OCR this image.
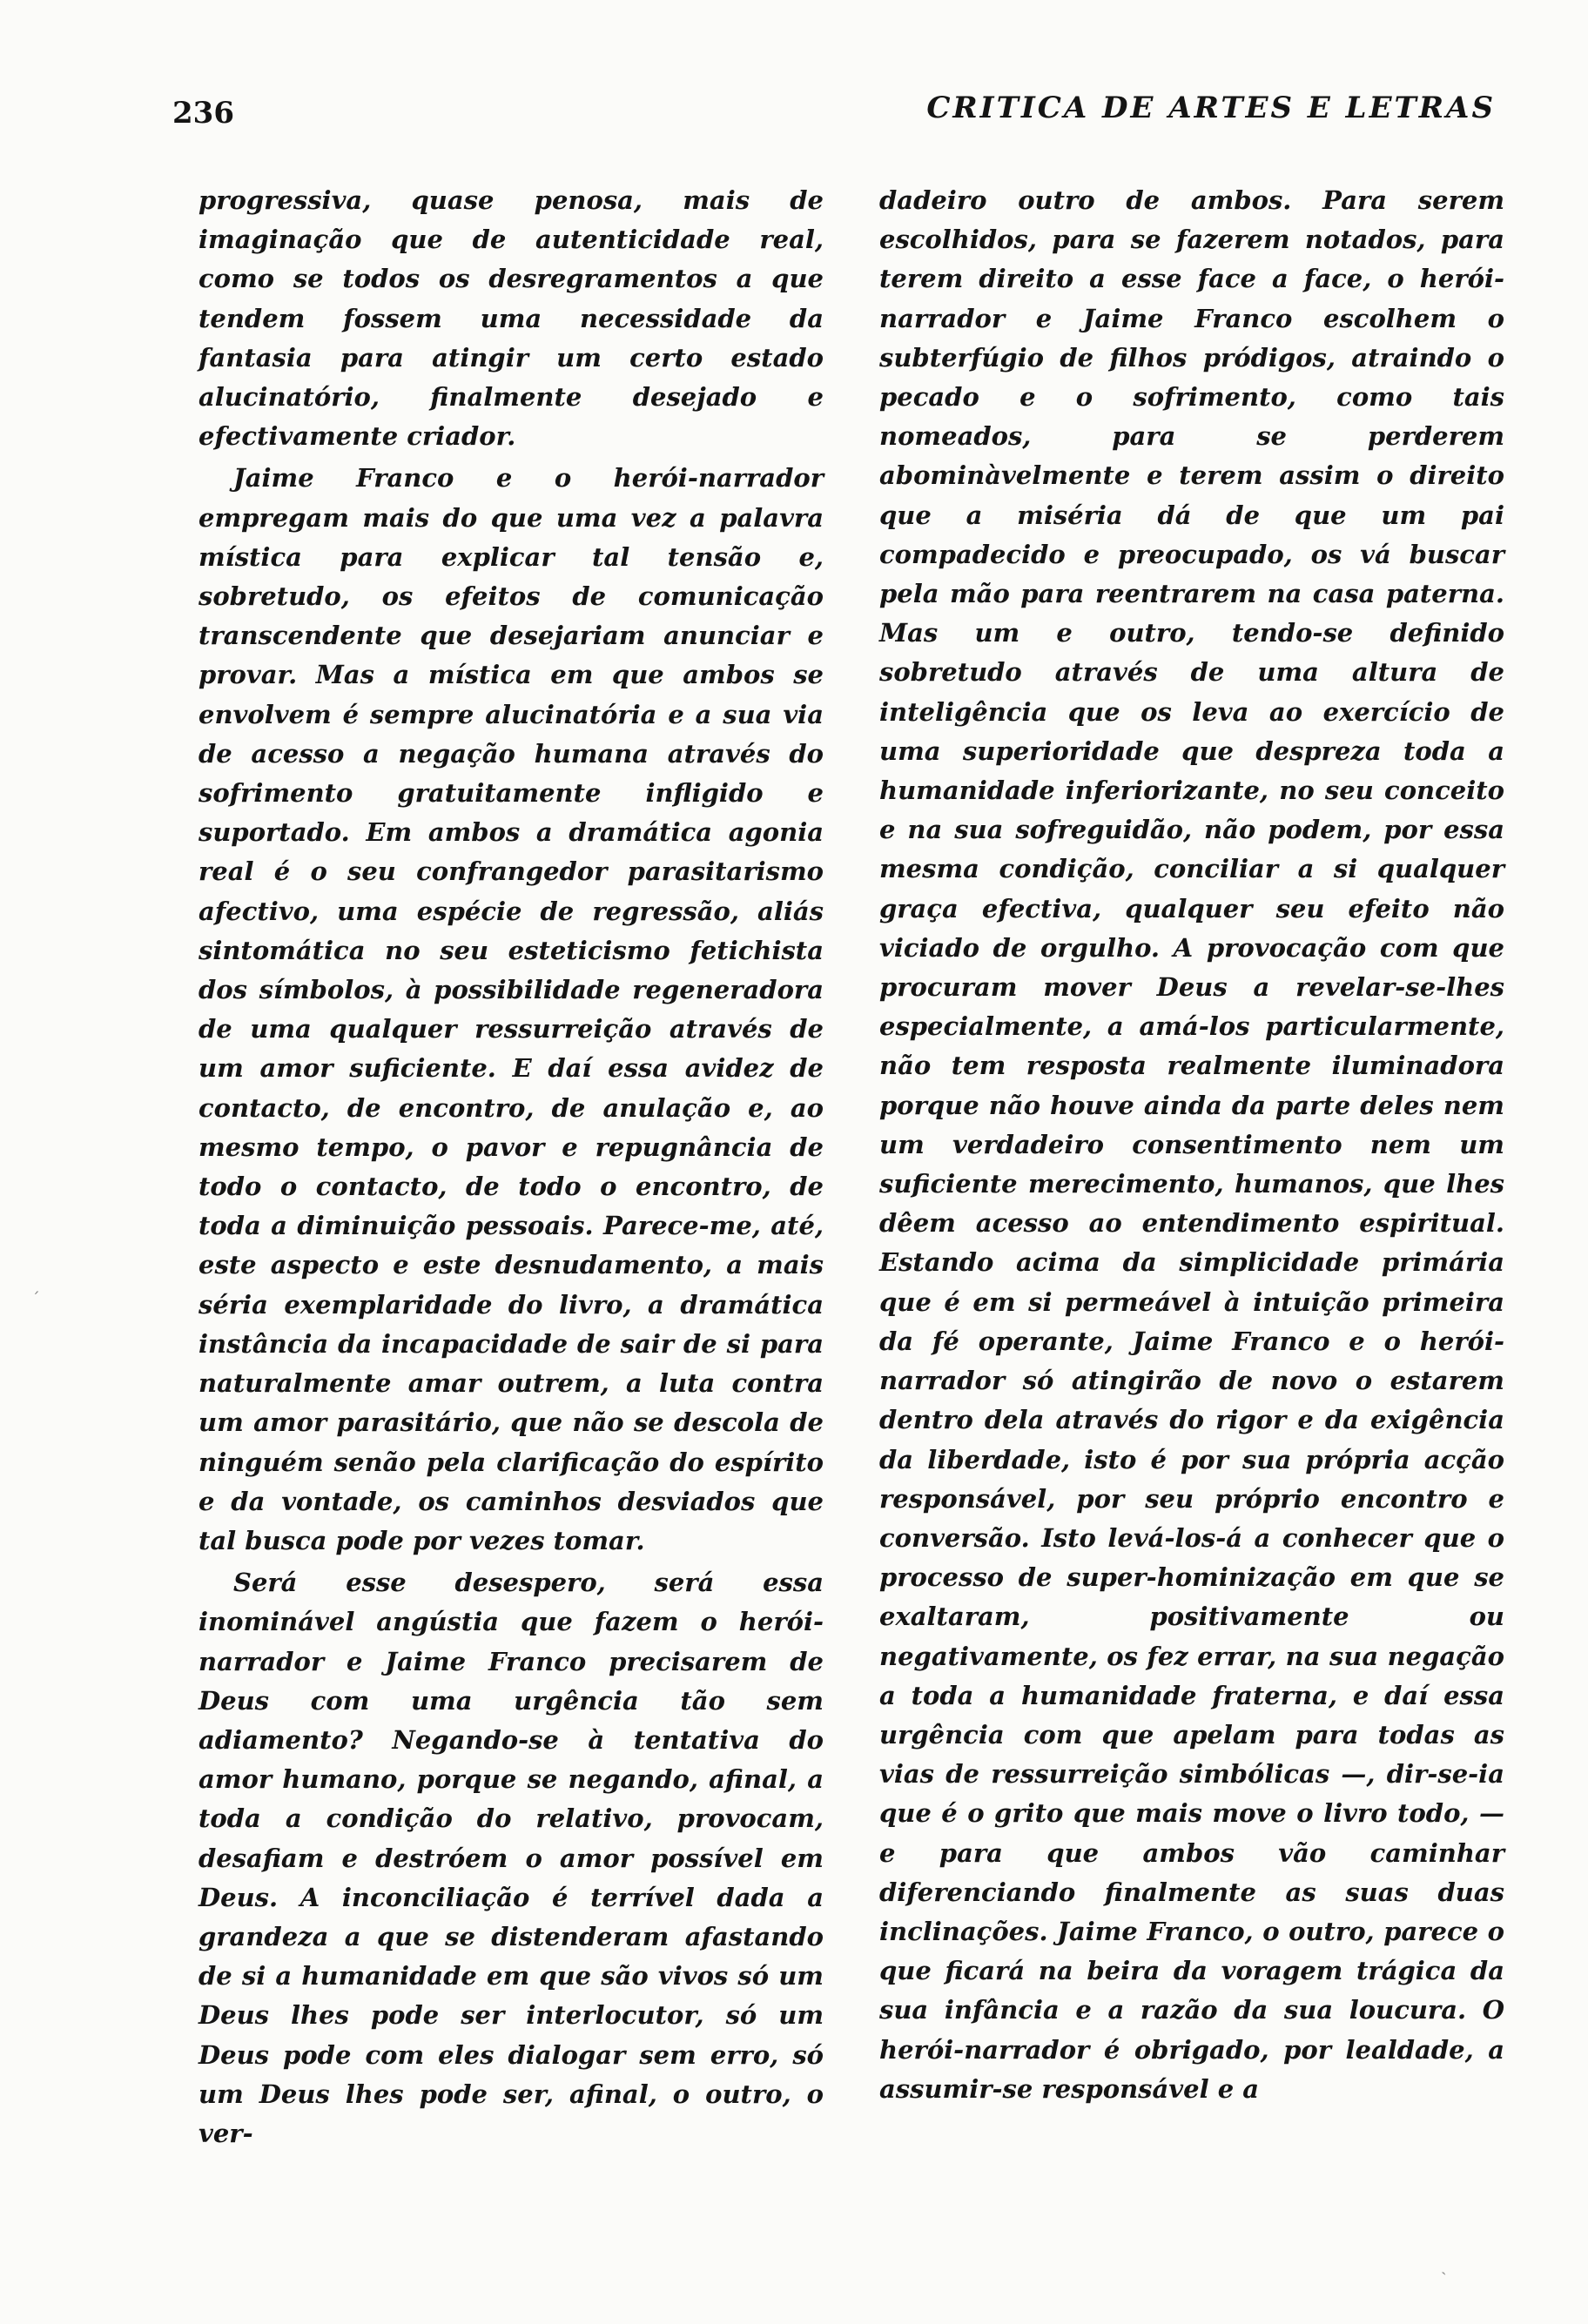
236	CRITICA DE ARTES E LETRAS

progressiva, quase penosa, mais de imaginação que de autenticidade real, como se todos os desregramentos a que tendem fossem uma necessidade da fantasia para atingir um certo estado alucinatório, finalmente desejado e efectivamente criador.

Jaime Franco e o herói-narrador empregam mais do que uma vez a palavra mística para explicar tal tensão e, sobretudo, os efeitos de comunicação transcendente que desejariam anunciar e provar. Mas a mística em que ambos se envolvem é sempre alucinatória e a sua via de acesso a negação humana através do sofrimento gratuitamente infligido e suportado. Em ambos a dramática agonia real é o seu confrangedor parasitarismo afectivo, uma espécie de regressão, aliás sintomática no seu esteticismo fetichista dos símbolos, à possibilidade regeneradora de uma qualquer ressurreição através de um amor suficiente. E daí essa avidez de contacto, de encontro, de anulação e, ao mesmo tempo, o pavor e repugnância de todo o contacto, de todo o encontro, de toda a diminuição pessoais. Parece-me, até, este aspecto e este desnudamento, a mais séria exemplaridade do livro, a dramática instância da incapacidade de sair de si para naturalmente amar outrem, a luta contra um amor parasitário, que não se descola de ninguém senão pela clarificação do espírito e da vontade, os caminhos desviados que tal busca pode por vezes tomar.

Será esse desespero, será essa inominável angústia que fazem o herói-narrador e Jaime Franco precisarem de Deus com uma urgência tão sem adiamento? Negando-se à tentativa do amor humano, porque se negando, afinal, a toda a condição do relativo, provocam, desafiam e destróem o amor possível em Deus. A inconciliação é terrível dada a grandeza a que se distenderam afastando de si a humanidade em que são vivos só um Deus lhes pode ser interlocutor, só um Deus pode com eles dialogar sem erro, só um Deus lhes pode ser, afinal, o outro, o ver-

dadeiro outro de ambos. Para serem escolhidos, para se fazerem notados, para terem direito a esse face a face, o herói-narrador e Jaime Franco escolhem o subterfúgio de filhos pródigos, atraindo o pecado e o sofrimento, como tais nomeados, para se perderem abominàvelmente e terem assim o direito que a miséria dá de que um pai compadecido e preocupado, os vá buscar pela mão para reentrarem na casa paterna. Mas um e outro, tendo-se definido sobretudo através de uma altura de inteligência que os leva ao exercício de uma superioridade que despreza toda a humanidade inferiorizante, no seu conceito e na sua sofreguidão, não podem, por essa mesma condição, conciliar a si qualquer graça efectiva, qualquer seu efeito não viciado de orgulho. A provocação com que procuram mover Deus a revelar-se-lhes especialmente, a amá-los particularmente, não tem resposta realmente iluminadora porque não houve ainda da parte deles nem um verdadeiro consentimento nem um suficiente merecimento, humanos, que lhes dêem acesso ao entendimento espiritual. Estando acima da simplicidade primária que é em si permeável à intuição primeira da fé operante, Jaime Franco e o herói-narrador só atingirão de novo o estarem dentro dela através do rigor e da exigência da liberdade, isto é por sua própria acção responsável, por seu próprio encontro e conversão. Isto levá-los-á a conhecer que o processo de super-hominização em que se exaltaram, positivamente ou negativamente, os fez errar, na sua negação a toda a humanidade fraterna, e daí essa urgência com que apelam para todas as vias de ressurreição simbólicas —, dir-se-ia que é o grito que mais move o livro todo, — e para que ambos vão caminhar diferenciando finalmente as suas duas inclinações. Jaime Franco, o outro, parece o que ficará na beira da voragem trágica da sua infância e a razão da sua loucura. O herói-narrador é obrigado, por lealdade, a assumir-se responsável e a

ˊ
ˏ
